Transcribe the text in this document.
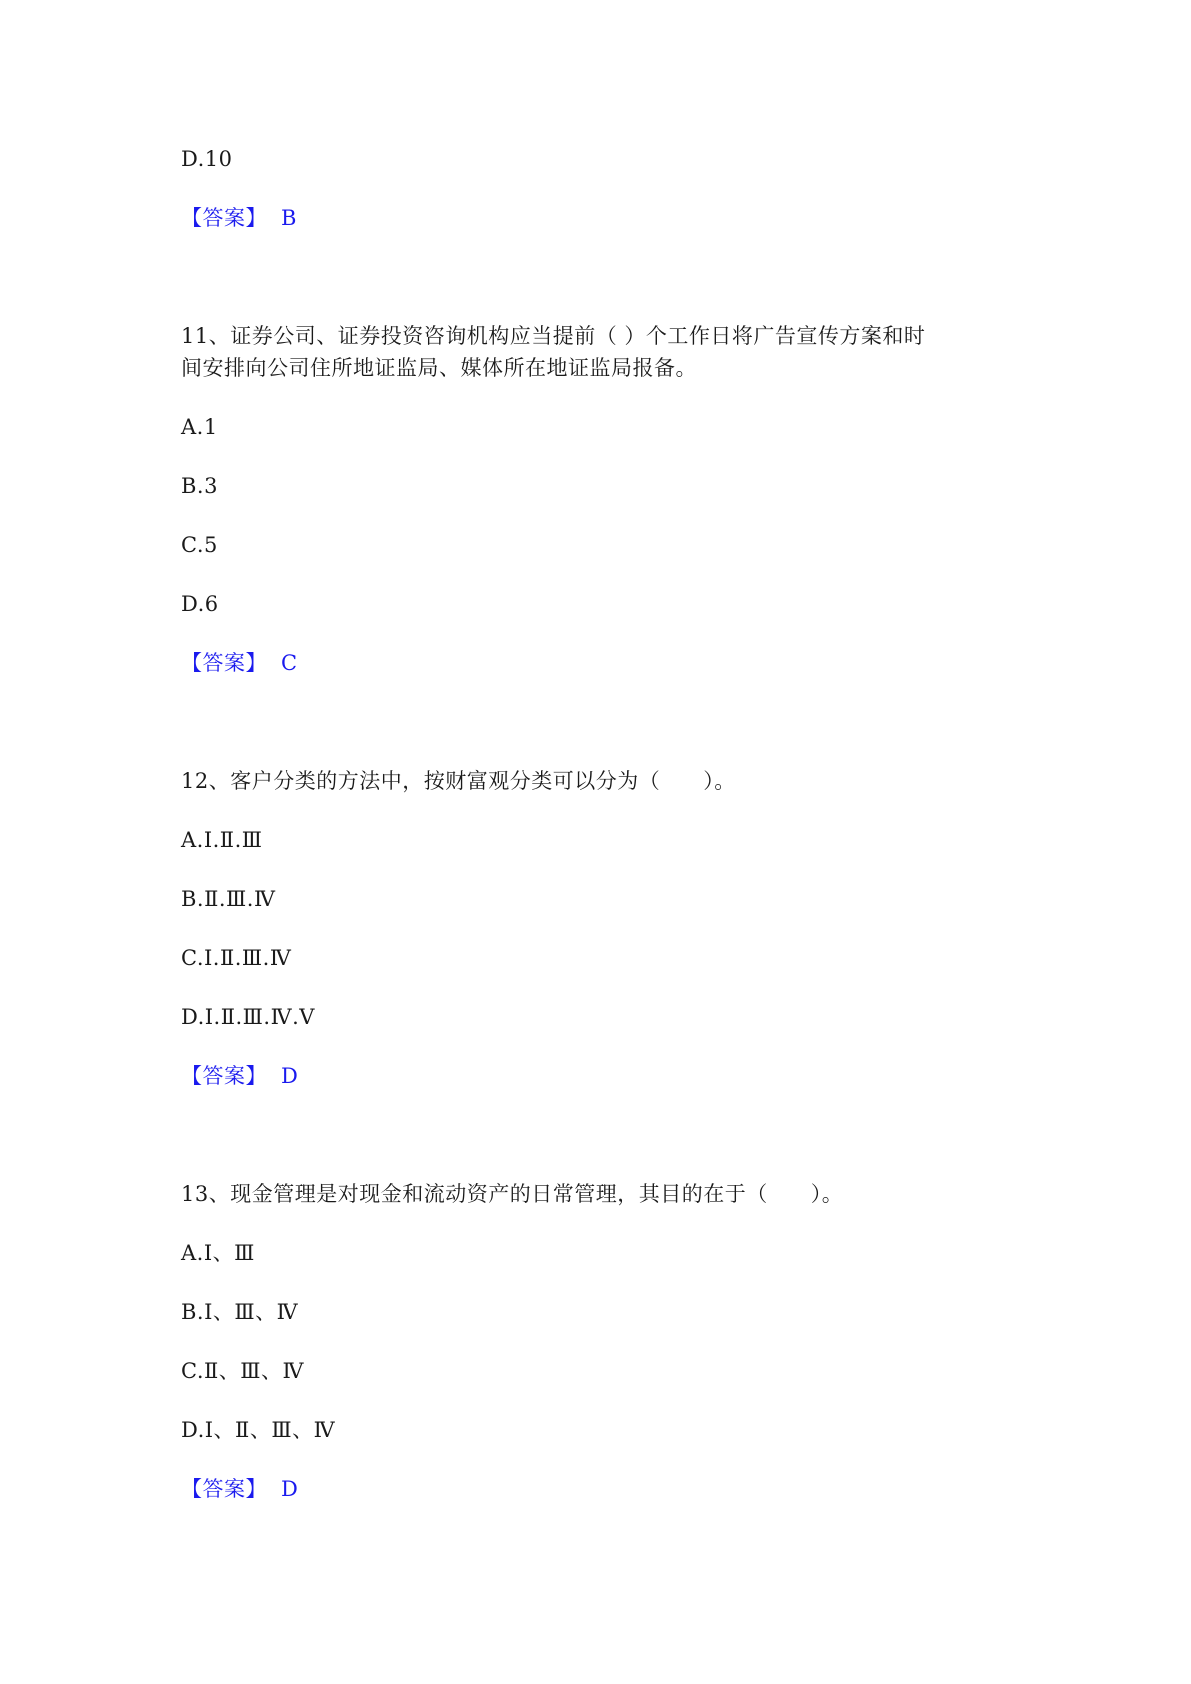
D.10
【答案】 B
11、证券公司、证券投资咨询机构应当提前（ ）个工作日将广告宣传方案和时
间安排向公司住所地证监局、媒体所在地证监局报备。
A.1
B.3
C.5
D.6
【答案】 C
12、客户分类的方法中，按财富观分类可以分为（　　）。
A.Ⅰ.Ⅱ.Ⅲ
B.Ⅱ.Ⅲ.Ⅳ
C.Ⅰ.Ⅱ.Ⅲ.Ⅳ
D.Ⅰ.Ⅱ.Ⅲ.Ⅳ.Ⅴ
【答案】 D
13、现金管理是对现金和流动资产的日常管理，其目的在于（　　）。
A.Ⅰ、Ⅲ
B.Ⅰ、Ⅲ、Ⅳ
C.Ⅱ、Ⅲ、Ⅳ
D.Ⅰ、Ⅱ、Ⅲ、Ⅳ
【答案】 D
